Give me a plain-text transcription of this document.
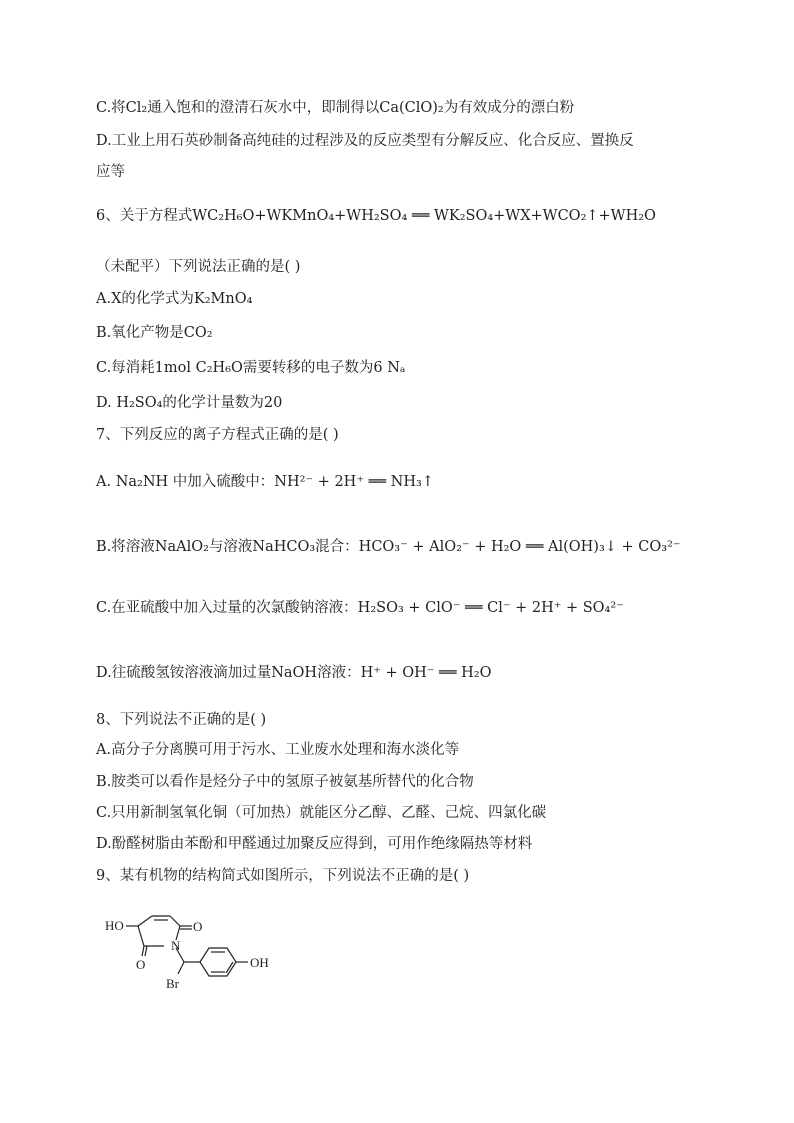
C.将Cl₂通入饱和的澄清石灰水中，即制得以Ca(ClO)₂为有效成分的漂白粉
D.工业上用石英砂制备高纯硅的过程涉及的反应类型有分解反应、化合反应、置换反
应等
6、关于方程式WC₂H₆O+WKMnO₄+WH₂SO₄ ══ WK₂SO₄+WX+WCO₂↑+WH₂O
（未配平）下列说法正确的是( )
A.X的化学式为K₂MnO₄
B.氧化产物是CO₂
C.每消耗1mol C₂H₆O需要转移的电子数为6 Nₐ
D. H₂SO₄的化学计量数为20
7、下列反应的离子方程式正确的是( )
A. Na₂NH 中加入硫酸中：NH²⁻ + 2H⁺ ══ NH₃↑
B.将溶液NaAlO₂与溶液NaHCO₃混合：HCO₃⁻ + AlO₂⁻ + H₂O ══ Al(OH)₃↓ + CO₃²⁻
C.在亚硫酸中加入过量的次氯酸钠溶液：H₂SO₃ + ClO⁻ ══ Cl⁻ + 2H⁺ + SO₄²⁻
D.往硫酸氢铵溶液滴加过量NaOH溶液：H⁺ + OH⁻ ══ H₂O
8、下列说法不正确的是( )
A.高分子分离膜可用于污水、工业废水处理和海水淡化等
B.胺类可以看作是烃分子中的氢原子被氨基所替代的化合物
C.只用新制氢氧化铜（可加热）就能区分乙醇、乙醛、己烷、四氯化碳
D.酚醛树脂由苯酚和甲醛通过加聚反应得到，可用作绝缘隔热等材料
9、某有机物的结构简式如图所示，下列说法不正确的是( )
HO	O
N
O
Br
OH
